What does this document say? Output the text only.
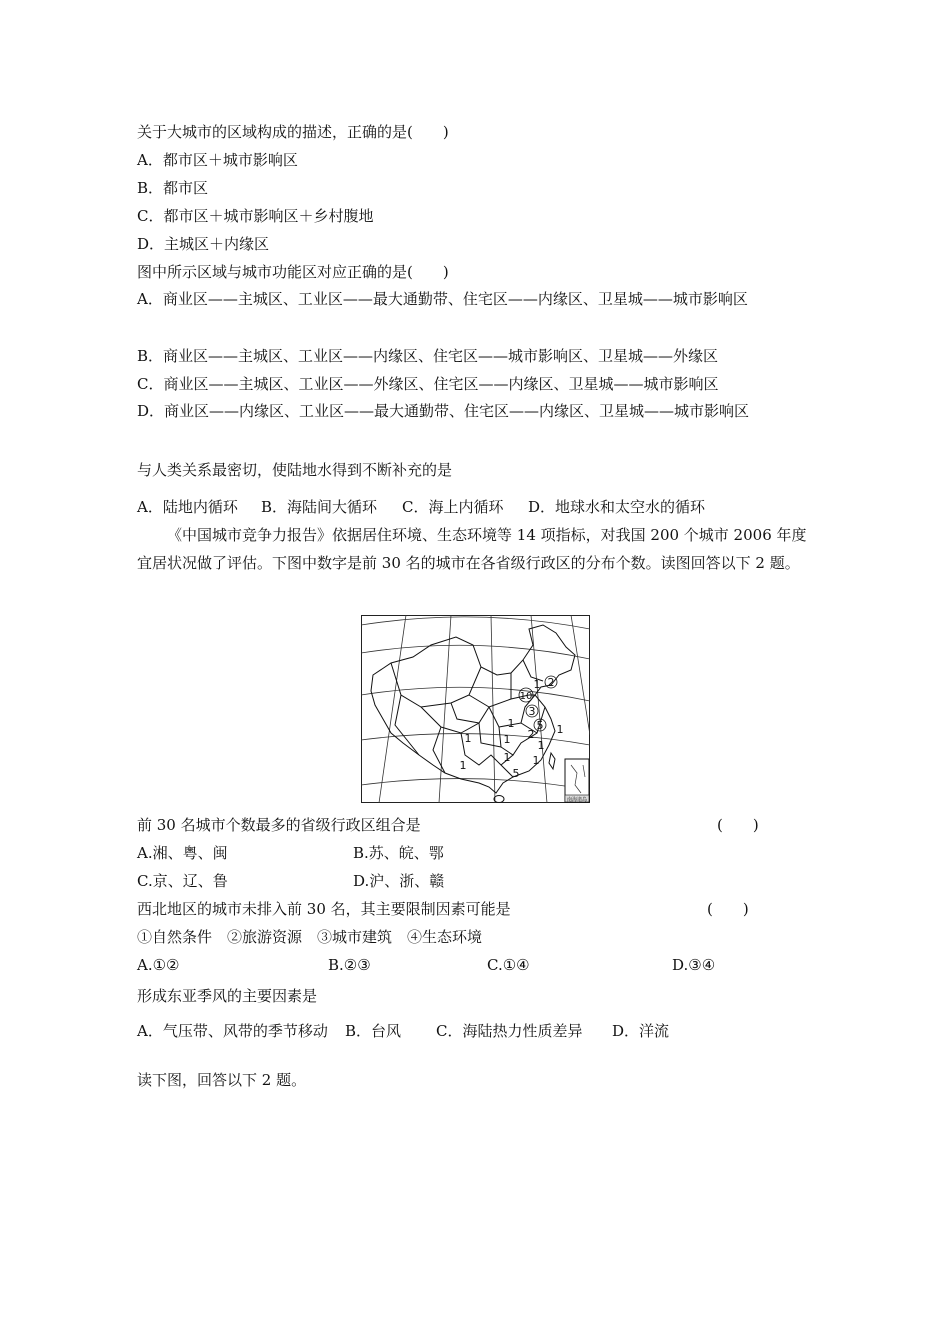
关于大城市的区域构成的描述，正确的是(　　)
A．都市区＋城市影响区
B．都市区
C．都市区＋城市影响区＋乡村腹地
D．主城区＋内缘区
图中所示区域与城市功能区对应正确的是(　　)
A．商业区——主城区、工业区——最大通勤带、住宅区——内缘区、卫星城——城市影响区
B．商业区——主城区、工业区——内缘区、住宅区——城市影响区、卫星城——外缘区
C．商业区——主城区、工业区——外缘区、住宅区——内缘区、卫星城——城市影响区
D．商业区——内缘区、工业区——最大通勤带、住宅区——内缘区、卫星城——城市影响区
与人类关系最密切，使陆地水得到不断补充的是
A．陆地内循环 B．海陆间大循环 C．海上内循环 D．地球水和太空水的循环
《中国城市竞争力报告》依据居住环境、生态环境等 14 项指标，对我国 200 个城市 2006 年度宜居状况做了评估。下图中数字是前 30 名的城市在各省级行政区的分布个数。读图回答以下 2 题。
南海诸岛
2
1
10
3
1 5 1
2
1	1
1
1 1
5
1
前 30 名城市个数最多的省级行政区组合是	(　　)
A.湘、粤、闽	B.苏、皖、鄂
C.京、辽、鲁	D.沪、浙、赣
西北地区的城市未排入前 30 名，其主要限制因素可能是	(　　)
①自然条件　②旅游资源　③城市建筑　④生态环境
A.①②	B.②③	C.①④	D.③④
形成东亚季风的主要因素是
A．气压带、风带的季节移动 B．台风 C．海陆热力性质差异 D．洋流
读下图，回答以下 2 题。
